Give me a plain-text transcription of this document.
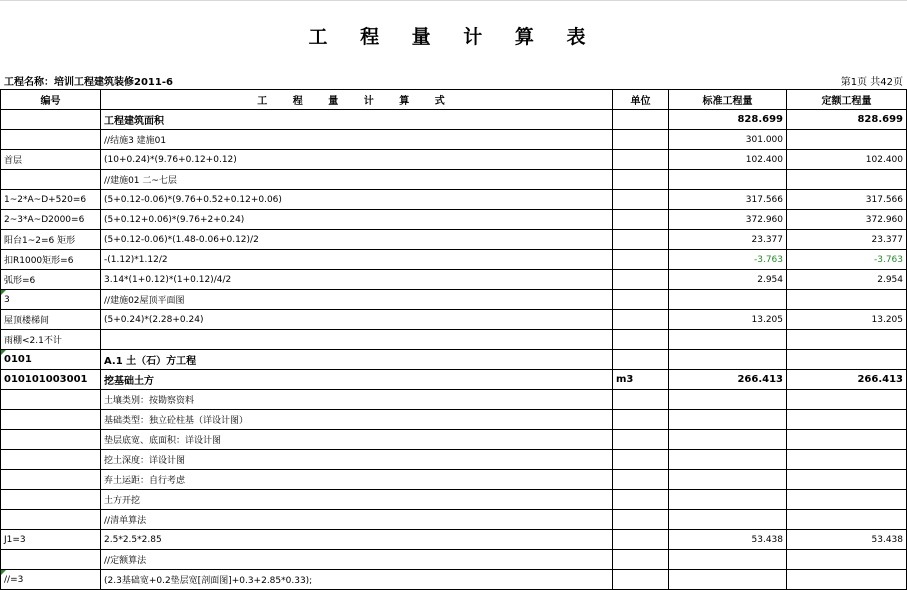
工 程 量 计 算 表
工程名称：培训工程建筑装修2011-6	第1页 共42页
编号	工 程 量 计 算 式	单位	标准工程量	定额工程量
	工程建筑面积		828.699	828.699
	//结施3 建施01		301.000	
首层	(10+0.24)*(9.76+0.12+0.12)		102.400	102.400
	//建施01 二~七层			
1~2*A~D+520=6	(5+0.12-0.06)*(9.76+0.52+0.12+0.06)		317.566	317.566
2~3*A~D2000=6	(5+0.12+0.06)*(9.76+2+0.24)		372.960	372.960
阳台1~2=6 矩形	(5+0.12-0.06)*(1.48-0.06+0.12)/2		23.377	23.377
扣R1000矩形=6	-(1.12)*1.12/2		-3.763	-3.763
弧形=6	3.14*(1+0.12)*(1+0.12)/4/2		2.954	2.954
3	//建施02屋顶平面图			
屋顶楼梯间	(5+0.24)*(2.28+0.24)		13.205	13.205
雨棚<2.1不计				
0101	A.1 土（石）方工程			
010101003001	挖基础土方	m3	266.413	266.413
	土壤类别：按勘察资料			
	基础类型：独立砼柱基（详设计图）			
	垫层底宽、底面积：详设计图			
	挖土深度：详设计图			
	弃土运距：自行考虑			
	土方开挖			
	//清单算法			
J1=3	2.5*2.5*2.85		53.438	53.438
	//定额算法			
//=3	(2.3基础宽+0.2垫层宽[剖面图]+0.3+2.85*0.33);			
